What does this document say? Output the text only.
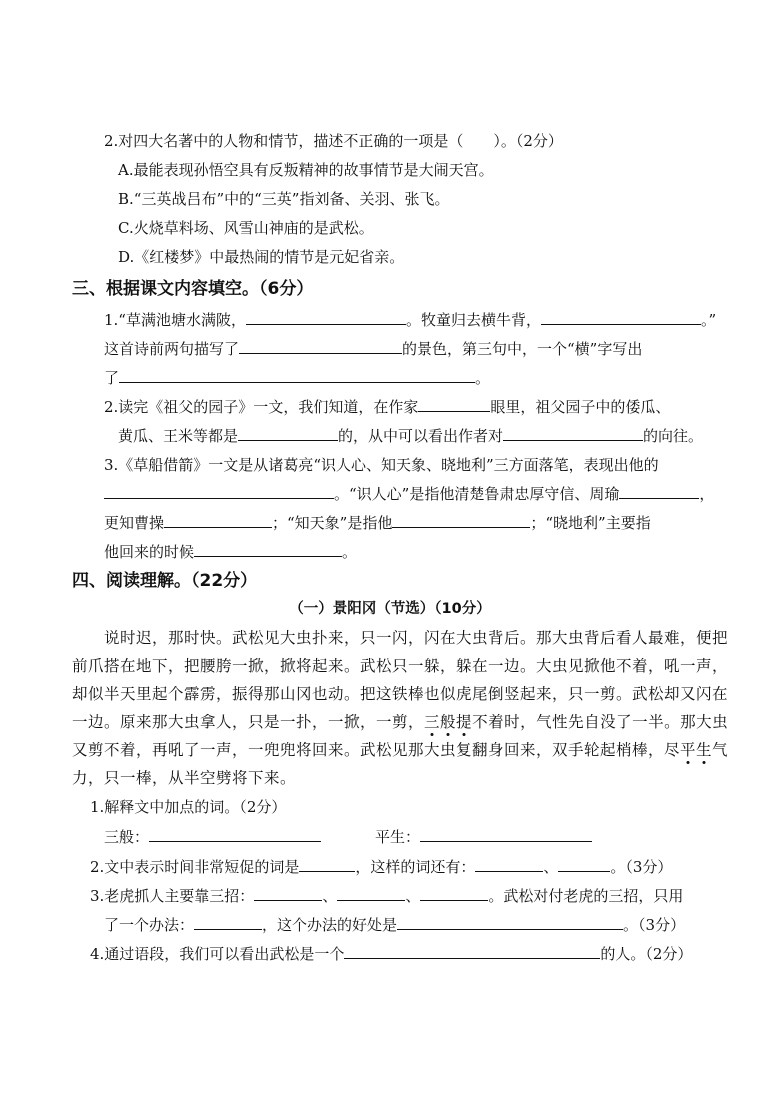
2.对四大名著中的人物和情节，描述不正确的一项是（　　）。（2分）
A.最能表现孙悟空具有反叛精神的故事情节是大闹天宫。
B.“三英战吕布”中的“三英”指刘备、关羽、张飞。
C.火烧草料场、风雪山神庙的是武松。
D.《红楼梦》中最热闹的情节是元妃省亲。
三、根据课文内容填空。（6分）
1.“草满池塘水满陂，	。牧童归去横牛背，	。”
这首诗前两句描写了	的景色，第三句中，一个“横”字写出
了	。
2.读完《祖父的园子》一文，我们知道，在作家	眼里，祖父园子中的倭瓜、
黄瓜、王米等都是	的，从中可以看出作者对	的向往。
3.《草船借箭》一文是从诸葛亮“识人心、知天象、晓地利”三方面落笔，表现出他的
。“识人心”是指他清楚鲁肃忠厚守信、周瑜	，
更知曹操	；“知天象”是指他	；“晓地利”主要指
他回来的时候	。
四、阅读理解。（22分）
（一）景阳冈（节选）（10分）
说时迟，那时快。武松见大虫扑来，只一闪，闪在大虫背后。那大虫背后看人最难，便把
前爪搭在地下，把腰胯一掀，掀将起来。武松只一躲，躲在一边。大虫见掀他不着，吼一声，
却似半天里起个霹雳，振得那山冈也动。把这铁棒也似虎尾倒竖起来，只一剪。武松却又闪在
一边。原来那大虫拿人，只是一扑，一掀，一剪，三般提不着时，气性先自没了一半。那大虫
又剪不着，再吼了一声，一兜兜将回来。武松见那大虫复翻身回来，双手轮起梢棒，尽平生气
力，只一棒，从半空劈将下来。
1.解释文中加点的词。（2分）
三般：	平生：
2.文中表示时间非常短促的词是	，这样的词还有：	、	。（3分）
3.老虎抓人主要靠三招：	、	、	。武松对付老虎的三招，只用
了一个办法：	，这个办法的好处是	。（3分）
4.通过语段，我们可以看出武松是一个	的人。（2分）
